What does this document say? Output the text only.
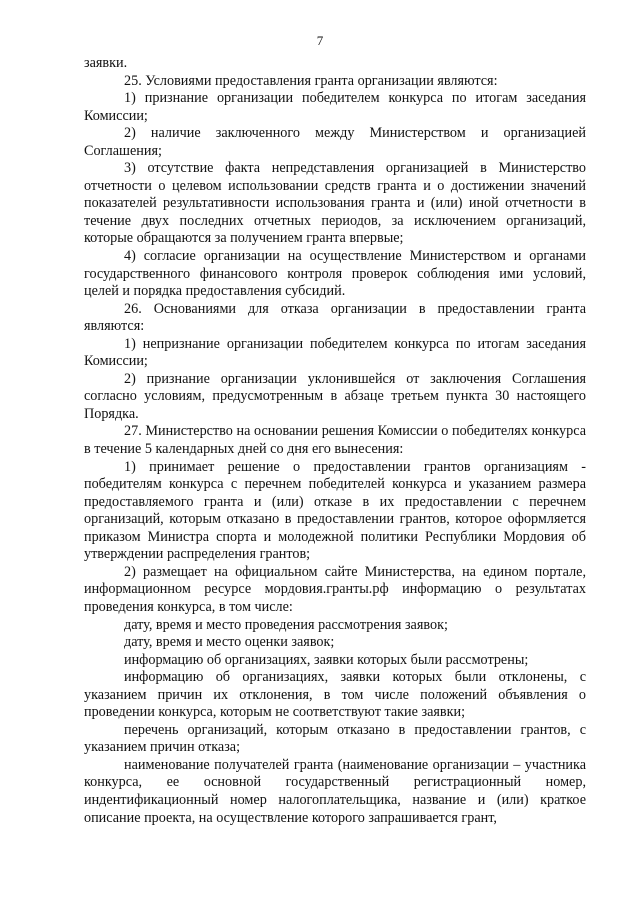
7

заявки.

25. Условиями предоставления гранта организации являются:

1) признание организации победителем конкурса по итогам заседания Комиссии;

2) наличие заключенного между Министерством и организацией Соглашения;

3) отсутствие факта непредставления организацией в Министерство отчетности о целевом использовании средств гранта и о достижении значений показателей результативности использования гранта и (или) иной отчетности в течение двух последних отчетных периодов, за исключением организаций, которые обращаются за получением гранта впервые;

4) согласие организации на осуществление Министерством и органами государственного финансового контроля проверок соблюдения ими условий, целей и порядка предоставления субсидий.

26. Основаниями для отказа организации в предоставлении гранта являются:

1) непризнание организации победителем конкурса по итогам заседания Комиссии;

2) признание организации уклонившейся от заключения Соглашения согласно условиям, предусмотренным в абзаце третьем пункта 30 настоящего Порядка.

27. Министерство на основании решения Комиссии о победителях конкурса в течение 5 календарных дней со дня его вынесения:

1) принимает решение о предоставлении грантов организациям - победителям конкурса с перечнем победителей конкурса и указанием размера предоставляемого гранта и (или) отказе в их предоставлении с перечнем организаций, которым отказано в предоставлении грантов, которое оформляется приказом Министра спорта и молодежной политики Республики Мордовия об утверждении распределения грантов;

2) размещает на официальном сайте Министерства, на едином портале, информационном ресурсе мордовия.гранты.рф информацию о результатах проведения конкурса, в том числе:

дату, время и место проведения рассмотрения заявок;

дату, время и место оценки заявок;

информацию об организациях, заявки которых были рассмотрены;

информацию об организациях, заявки которых были отклонены, с указанием причин их отклонения, в том числе положений объявления о проведении конкурса, которым не соответствуют такие заявки;

перечень организаций, которым отказано в предоставлении грантов, с указанием причин отказа;

наименование получателей гранта (наименование организации – участника конкурса, ее основной государственный регистрационный номер, индентификационный номер налогоплательщика, название и (или) краткое описание проекта, на осуществление которого запрашивается грант,
